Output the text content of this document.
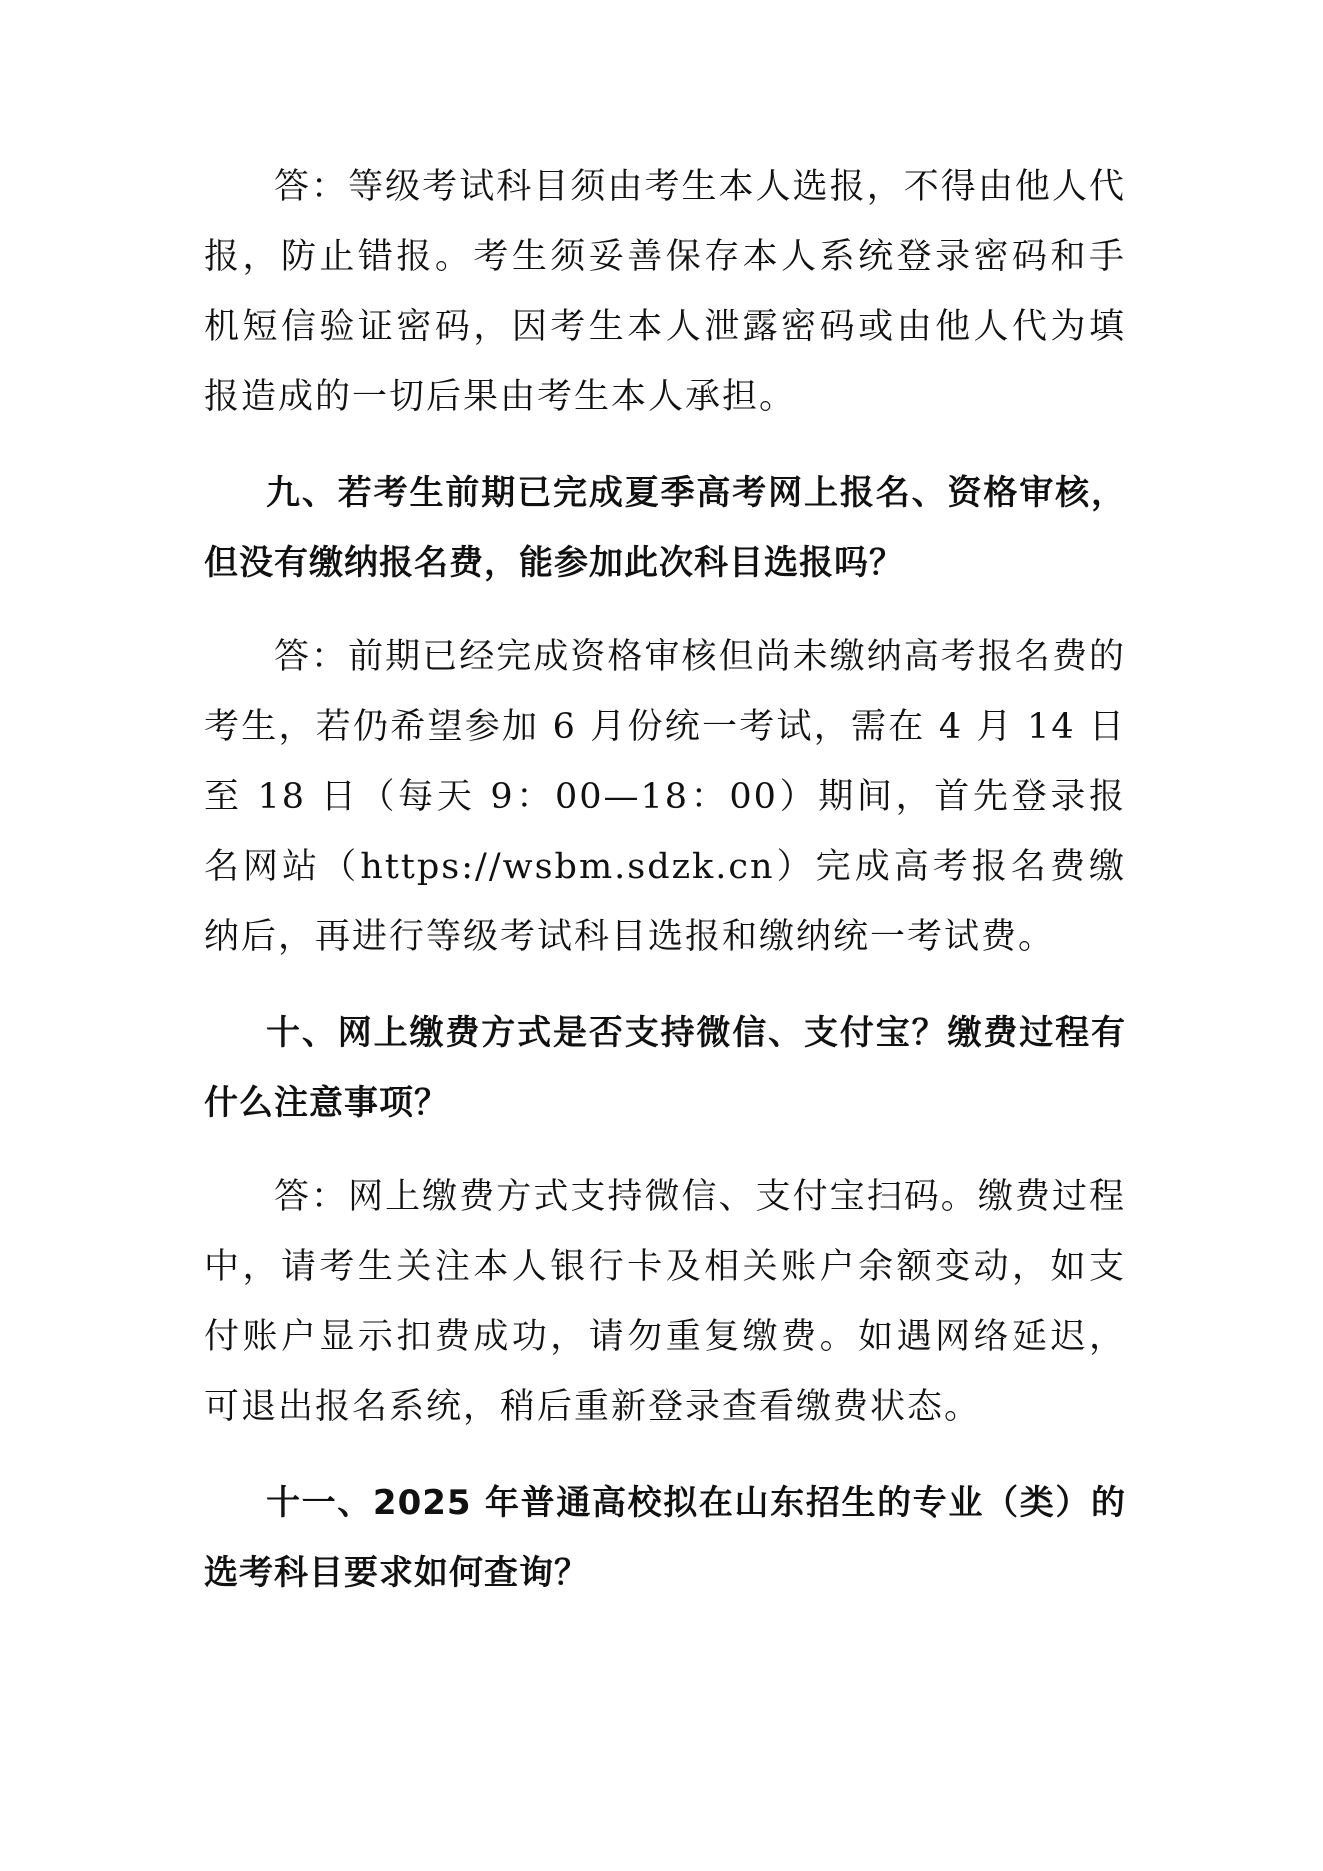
答：等级考试科目须由考生本人选报，不得由他人代报，防止错报。考生须妥善保存本人系统登录密码和手机短信验证密码，因考生本人泄露密码或由他人代为填报造成的一切后果由考生本人承担。

九、若考生前期已完成夏季高考网上报名、资格审核，但没有缴纳报名费，能参加此次科目选报吗？

答：前期已经完成资格审核但尚未缴纳高考报名费的考生，若仍希望参加 6 月份统一考试，需在 4 月 14 日至 18 日（每天 9：00—18：00）期间，首先登录报名网站（https://wsbm.sdzk.cn）完成高考报名费缴纳后，再进行等级考试科目选报和缴纳统一考试费。

十、网上缴费方式是否支持微信、支付宝？缴费过程有什么注意事项？

答：网上缴费方式支持微信、支付宝扫码。缴费过程中，请考生关注本人银行卡及相关账户余额变动，如支付账户显示扣费成功，请勿重复缴费。如遇网络延迟，可退出报名系统，稍后重新登录查看缴费状态。

十一、2025 年普通高校拟在山东招生的专业（类）的选考科目要求如何查询？
